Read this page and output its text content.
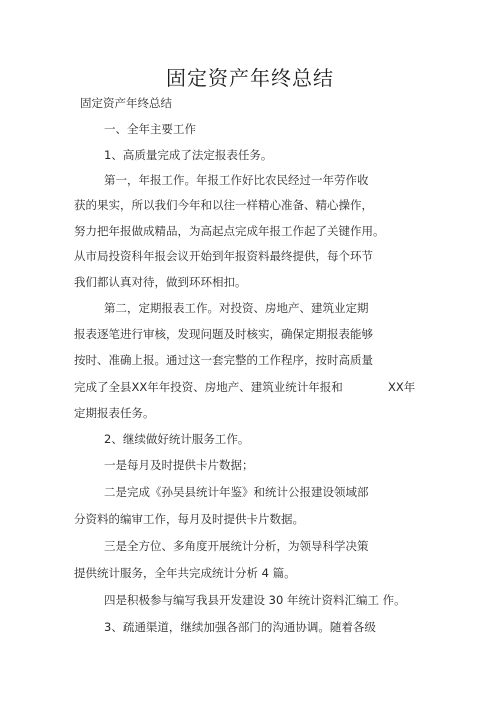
固定资产年终总结

固定资产年终总结

一、全年主要工作

1、高质量完成了法定报表任务。

第一，年报工作。年报工作好比农民经过一年劳作收

获的果实，所以我们今年和以往一样精心准备、精心操作，

努力把年报做成精品，为高起点完成年报工作起了关键作用。

从市局投资科年报会议开始到年报资料最终提供，每个环节

我们都认真对待，做到环环相扣。

第二，定期报表工作。对投资、房地产、建筑业定期

报表逐笔进行审核，发现问题及时核实，确保定期报表能够

按时、准确上报。通过这一套完整的工作程序，按时高质量

完成了全县XX年年投资、房地产、建筑业统计年报和	XX年

定期报表任务。

2、继续做好统计服务工作。

一是每月及时提供卡片数据；

二是完成《孙吴县统计年鉴》和统计公报建设领域部

分资料的编审工作，每月及时提供卡片数据。

三是全方位、多角度开展统计分析，为领导科学决策

提供统计服务，全年共完成统计分析 4 篇。

四是积极参与编写我县开发建设 30 年统计资料汇编工 作。

3、疏通渠道，继续加强各部门的沟通协调。随着各级
